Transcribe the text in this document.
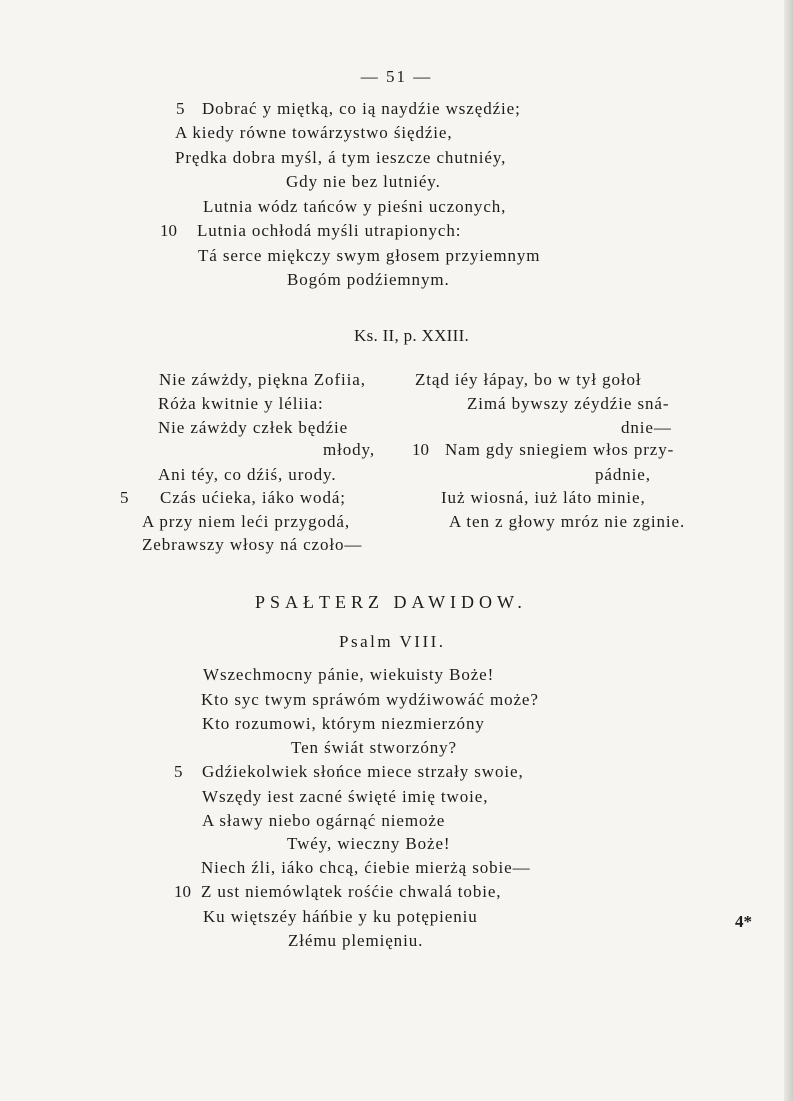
— 51 —
5 Dobrać y miętką, co ią naydźie wszędźie;
A kiedy równe towárzystwo śiędźie,
Prędka dobra myśl, á tym ieszcze chutniéy,
Gdy nie bez lutniéy.
Lutnia wódz tańców y pieśni uczonych,
10 Lutnia ochłodá myśli utrapionych:
Tá serce miękczy swym głosem przyiemnym
Bogóm podźiemnym.
Ks. II, p. XXIII.
Nie záwżdy, piękna Zofiia,
Róża kwitnie y léliia:
Nie záwżdy człek będźie
młody,
Ani téy, co dźiś, urody.
5 Czás ućieka, iáko wodá;
A przy niem leći przygodá,
Zebrawszy włosy ná czoło—
Ztąd iéy łápay, bo w tył gołoł
Zimá bywszy zéydźie sná-
dnie—
10 Nam gdy sniegiem włos przy-
pádnie,
Iuż wiosná, iuż láto minie,
A ten z głowy mróz nie zginie.
PSAŁTERZ DAWIDOW.
Psalm VIII.
Wszechmocny pánie, wiekuisty Boże!
Kto syc twym spráwóm wydźiwowáć może?
Kto rozumowi, którym niezmierzóny
Ten świát stworzóny?
5 Gdźiekolwiek słońce miece strzały swoie,
Wszędy iest zacné święté imię twoie,
A sławy niebo ogárnąć niemoże
Twéy, wieczny Boże!
Niech źli, iáko chcą, ćiebie mierżą sobie—
10 Z ust niemówlątek rośćie chwalá tobie,
Ku więtszéy háńbie y ku potępieniu
Złému plemięniu.
4*
